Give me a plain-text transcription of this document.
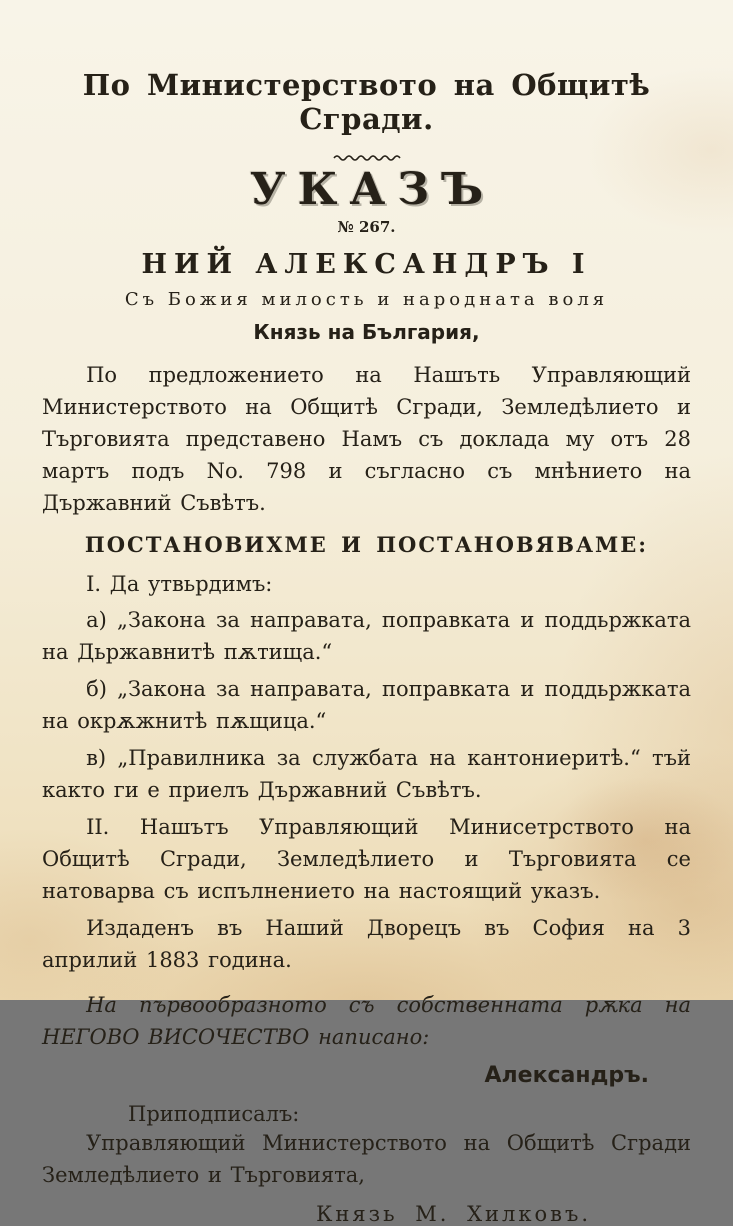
По Министерството на Общитѣ Сгради.
УКАЗЪ
№ 267.
НИЙ АЛЕКСАНДРЪ I
Съ Божия милость и народната воля
Князь на България,

По предложението на Нашъть Управляющий Министерството на Общитѣ Сгради, Земледѣлието и Търговията представено Намъ съ доклада му отъ 28 мартъ подъ No. 798 и съгласно съ мнѣнието на Държавний Съвѣтъ.

ПОСТАНОВИХМЕ И ПОСТАНОВЯВАМЕ:

I. Да утвьрдимъ:

а) „Закона за направата, поправката и поддьржката на Дьржавнитѣ пѫтища.“

б) „Закона за направата, поправката и поддьржката на окрѫжнитѣ пѫщица.“

в) „Правилника за службата на кантониеритѣ.“ тъй както ги е приелъ Държавний Съвѣтъ.

II. Нашътъ Управляющий Минисетрството на Общитѣ Сгради, Земледѣлието и Търговията се натоварва съ испълнението на настоящий указъ.

Издаденъ въ Наший Дворецъ въ София на 3 априлий 1883 година.

На първообразното съ собственната рѫка на НЕГОВО ВИСОЧЕСТВО написано:

Александръ.
Приподписалъ:

Управляющий Министерството на Общитѣ Сгради Земледѣлието и Търговията,

Князь М. Хилковъ.
